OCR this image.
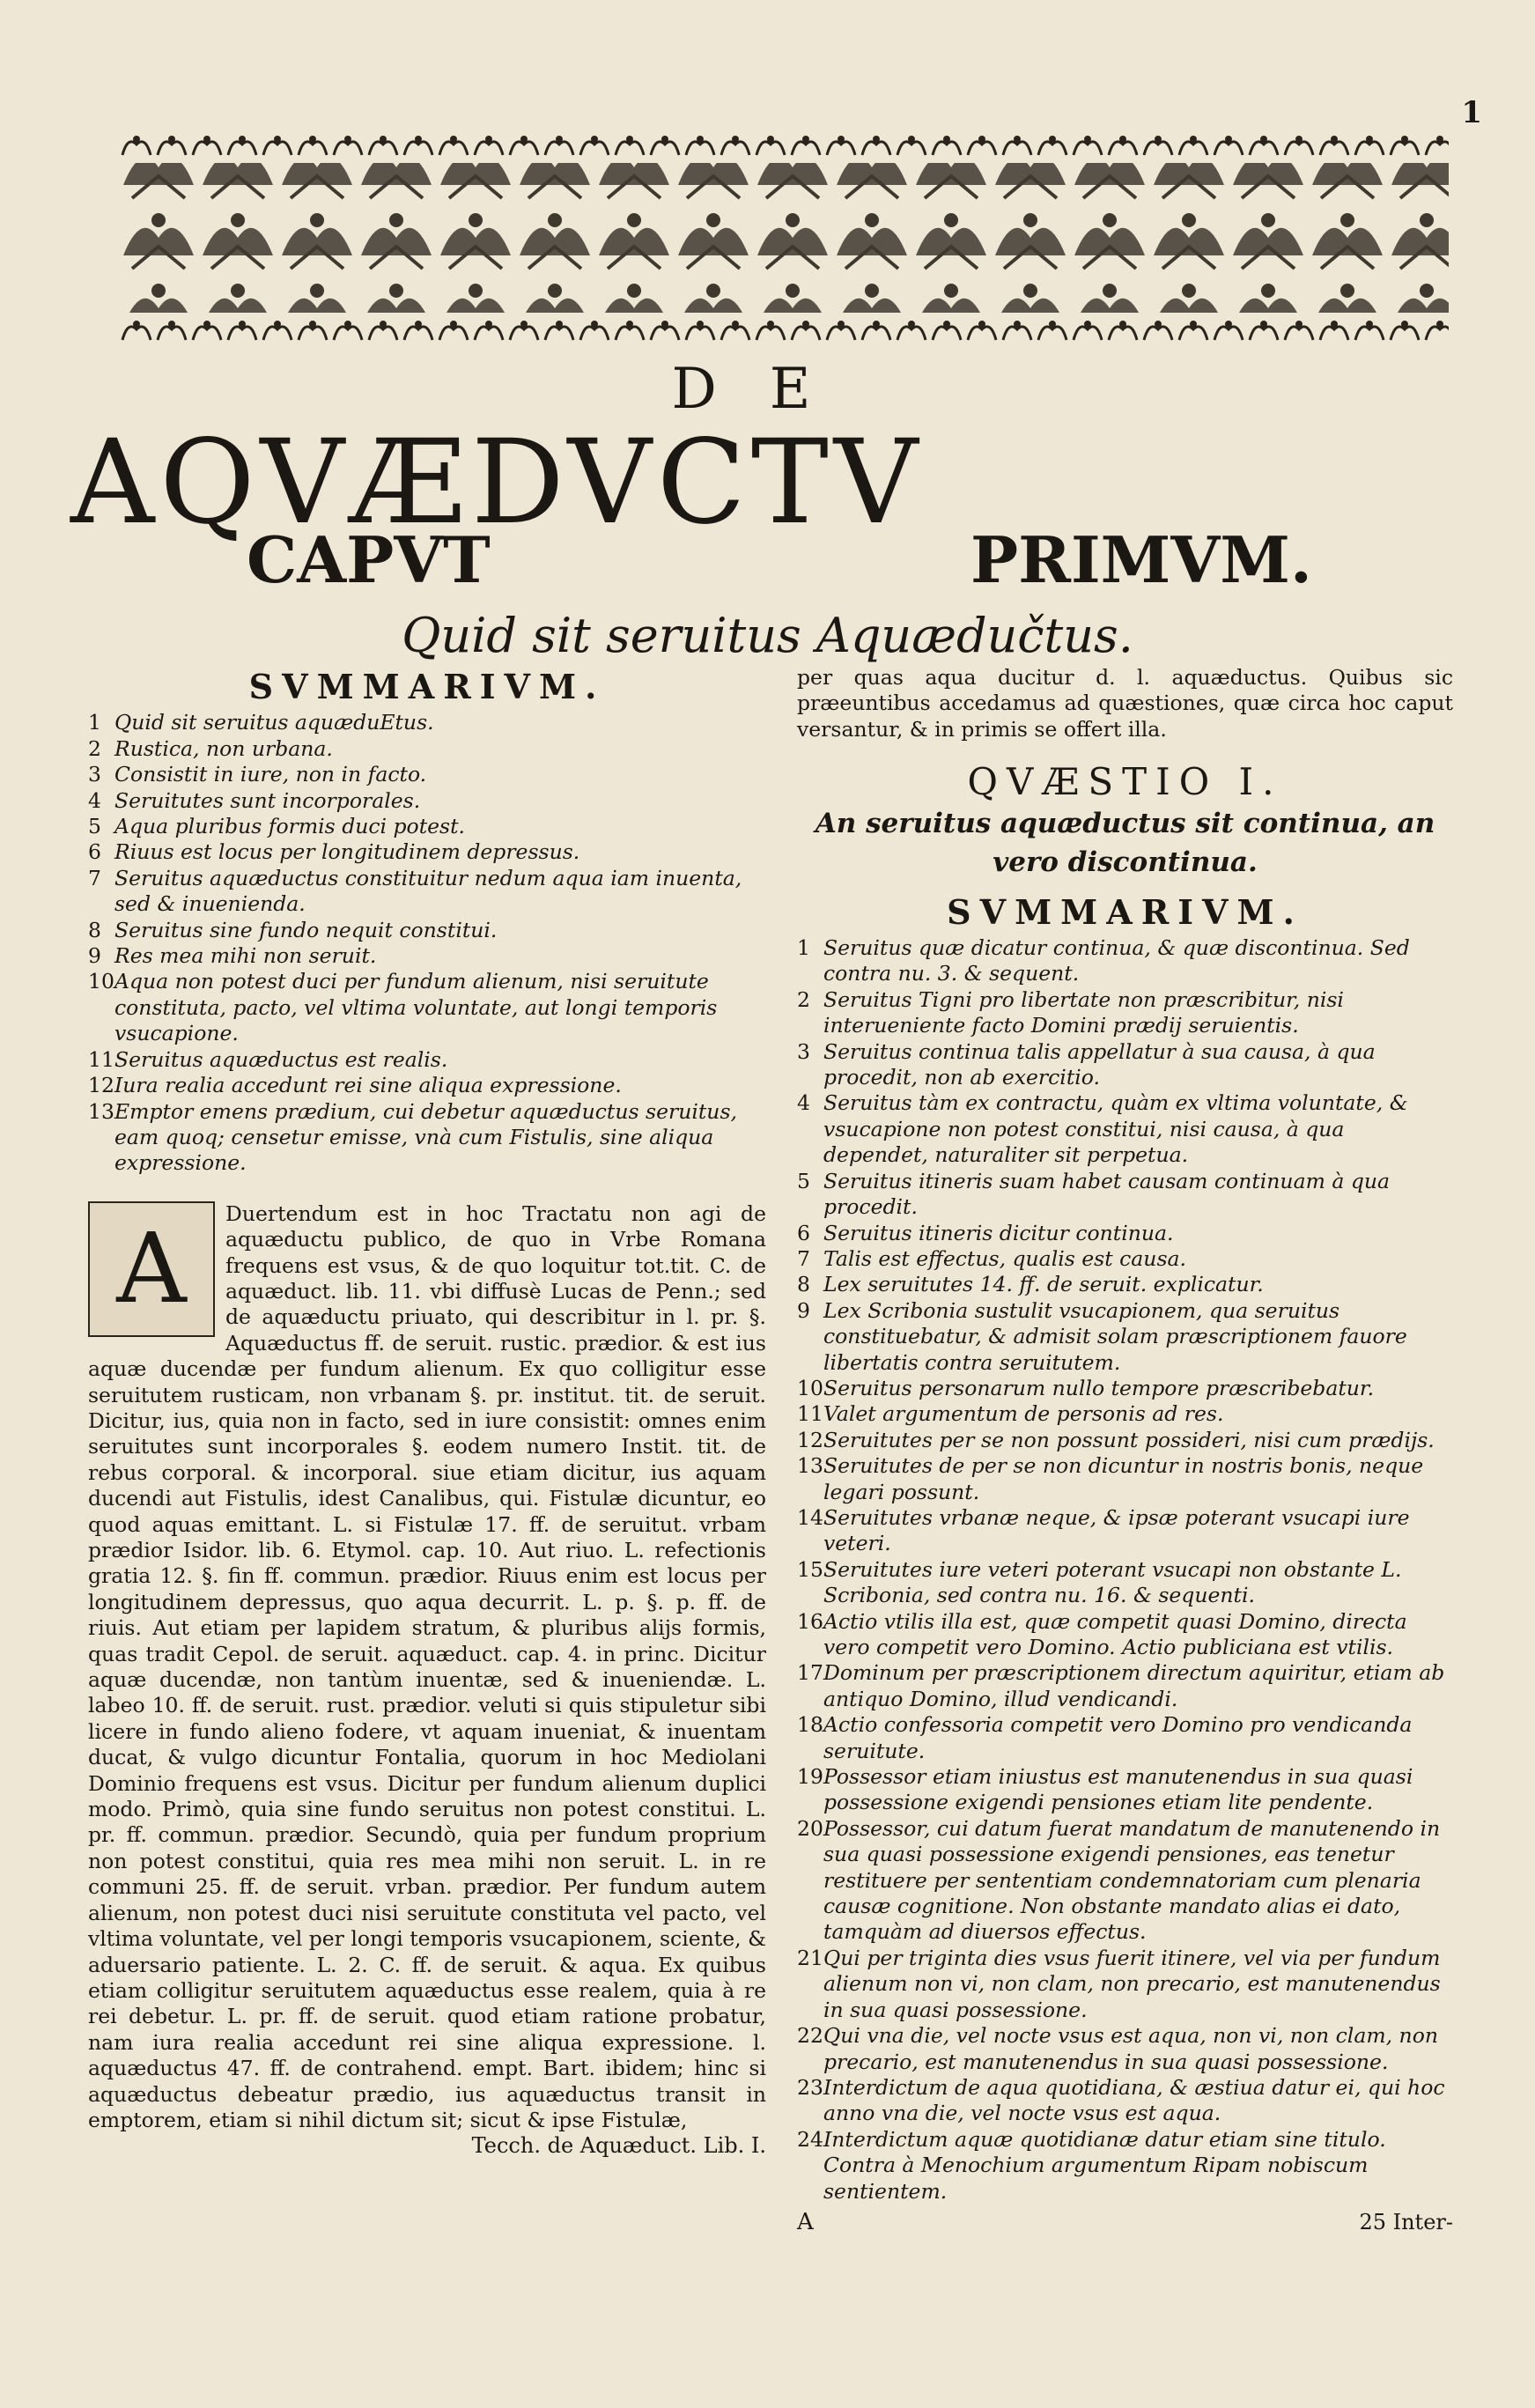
1
DE
AQVÆDVCTV
CAPVT PRIMVM.
Quid sit seruitus Aquædučtus.
SVMMARIVM.
1 Quid sit seruitus aquæduEtus.
2 Rustica, non urbana.
3 Consistit in iure, non in facto.
4 Seruitutes sunt incorporales.
5 Aqua pluribus formis duci potest.
6 Riuus est locus per longitudinem depressus.
7 Seruitus aquæductus constituitur nedum aqua iam inuenta, sed & inuenienda.
8 Seruitus sine fundo nequit constitui.
9 Res mea mihi non seruit.
10 Aqua non potest duci per fundum alienum, nisi seruitute constituta, pacto, vel vltima voluntate, aut longi temporis vsucapione.
11 Seruitus aquæductus est realis.
12 Iura realia accedunt rei sine aliqua expressione.
13 Emptor emens prædium, cui debetur aquæductus seruitus, eam quoq; censetur emisse, vnà cum Fistulis, sine aliqua expressione.
A	Duertendum est in hoc Tractatu non agi de aquæductu publico, de quo in Vrbe Romana frequens est vsus, & de quo loquitur tot.tit. C. de aquæduct. lib. 11. vbi diffusè Lucas de Penn.; sed de aquæductu priuato, qui describitur in l. pr. §. Aquæductus ff. de seruit. rustic. prædior. & est ius aquæ ducendæ per fundum alienum. Ex quo colligitur esse seruitutem rusticam, non vrbanam §. pr. institut. tit. de seruit. Dicitur, ius, quia non in facto, sed in iure consistit: omnes enim seruitutes sunt incorporales §. eodem numero Instit. tit. de rebus corporal. & incorporal. siue etiam dicitur, ius aquam ducendi aut Fistulis, idest Canalibus, qui. Fistulæ dicuntur, eo quod aquas emittant. L. si Fistulæ 17. ff. de seruitut. vrbam prædior Isidor. lib. 6. Etymol. cap. 10. Aut riuo. L. refectionis gratia 12. §. fin ff. commun. prædior. Riuus enim est locus per longitudinem depressus, quo aqua decurrit. L. p. §. p. ff. de riuis. Aut etiam per lapidem stratum, & pluribus alijs formis, quas tradit Cepol. de seruit. aquæduct. cap. 4. in princ. Dicitur aquæ ducendæ, non tantùm inuentæ, sed & inueniendæ. L. labeo 10. ff. de seruit. rust. prædior. veluti si quis stipuletur sibi licere in fundo alieno fodere, vt aquam inueniat, & inuentam ducat, & vulgo dicuntur Fontalia, quorum in hoc Mediolani Dominio frequens est vsus. Dicitur per fundum alienum duplici modo. Primò, quia sine fundo seruitus non potest constitui. L. pr. ff. commun. prædior. Secundò, quia per fundum proprium non potest constitui, quia res mea mihi non seruit. L. in re communi 25. ff. de seruit. vrban. prædior. Per fundum autem alienum, non potest duci nisi seruitute constituta vel pacto, vel vltima voluntate, vel per longi temporis vsucapionem, sciente, & aduersario patiente. L. 2. C. ff. de seruit. & aqua. Ex quibus etiam colligitur seruitutem aquæductus esse realem, quia à re rei debetur. L. pr. ff. de seruit. quod etiam ratione probatur, nam iura realia accedunt rei sine aliqua expressione. l. aquæductus 47. ff. de contrahend. empt. Bart. ibidem; hinc si aquæductus debeatur prædio, ius aquæductus transit in emptorem, etiam si nihil dictum sit; sicut & ipse Fistulæ,
Tecch. de Aquæduct. Lib. I.
per quas aqua ducitur d. l. aquæductus. Quibus sic præeuntibus accedamus ad quæstiones, quæ circa hoc caput versantur, & in primis se offert illa.
QVÆSTIO I.
An seruitus aquæductus sit continua, an vero discontinua.
SVMMARIVM.
1 Seruitus quæ dicatur continua, & quæ discontinua. Sed contra nu. 3. & sequent.
2 Seruitus Tigni pro libertate non præscribitur, nisi interueniente facto Domini prædij seruientis.
3 Seruitus continua talis appellatur à sua causa, à qua procedit, non ab exercitio.
4 Seruitus tàm ex contractu, quàm ex vltima voluntate, & vsucapione non potest constitui, nisi causa, à qua dependet, naturaliter sit perpetua.
5 Seruitus itineris suam habet causam continuam à qua procedit.
6 Seruitus itineris dicitur continua.
7 Talis est effectus, qualis est causa.
8 Lex seruitutes 14. ff. de seruit. explicatur.
9 Lex Scribonia sustulit vsucapionem, qua seruitus constituebatur, & admisit solam præscriptionem fauore libertatis contra seruitutem.
10 Seruitus personarum nullo tempore præscribebatur.
11 Valet argumentum de personis ad res.
12 Seruitutes per se non possunt possideri, nisi cum prædijs.
13 Seruitutes de per se non dicuntur in nostris bonis, neque legari possunt.
14 Seruitutes vrbanæ neque, & ipsæ poterant vsucapi iure veteri.
15 Seruitutes iure veteri poterant vsucapi non obstante L. Scribonia, sed contra nu. 16. & sequenti.
16 Actio vtilis illa est, quæ competit quasi Domino, directa vero competit vero Domino. Actio publiciana est vtilis.
17 Dominum per præscriptionem directum aquiritur, etiam ab antiquo Domino, illud vendicandi.
18 Actio confessoria competit vero Domino pro vendicanda seruitute.
19 Possessor etiam iniustus est manutenendus in sua quasi possessione exigendi pensiones etiam lite pendente.
20 Possessor, cui datum fuerat mandatum de manutenendo in sua quasi possessione exigendi pensiones, eas tenetur restituere per sententiam condemnatoriam cum plenaria causæ cognitione. Non obstante mandato alias ei dato, tamquàm ad diuersos effectus.
21 Qui per triginta dies vsus fuerit itinere, vel via per fundum alienum non vi, non clam, non precario, est manutenendus in sua quasi possessione.
22 Qui vna die, vel nocte vsus est aqua, non vi, non clam, non precario, est manutenendus in sua quasi possessione.
23 Interdictum de aqua quotidiana, & æstiua datur ei, qui hoc anno vna die, vel nocte vsus est aqua.
24 Interdictum aquæ quotidianæ datur etiam sine titulo. Contra à Menochium argumentum Ripam nobiscum sentientem.
A	25 Inter-
